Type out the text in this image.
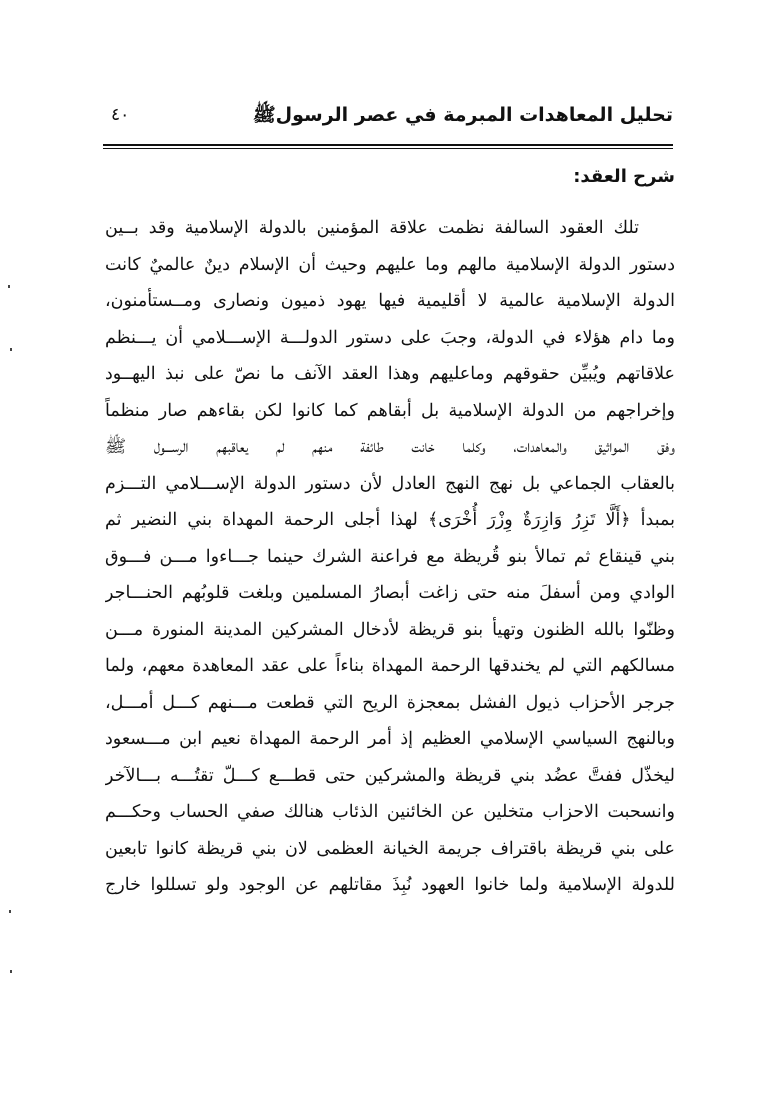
تحليل المعاهدات المبرمة في عصر الرسولﷺ
٤٠
شرح العقد:
تلك العقود السالفة نظمت علاقة المؤمنين بالدولة الإسلامية وقد بــين
دستور الدولة الإسلامية مالهم وما عليهم وحيث أن الإسلام دينٌ عالميٌ كانت
الدولة الإسلامية عالمية لا أقليمية فيها يهود ذميون ونصارى ومــستأمنون،
وما دام هؤلاء في الدولة، وجبَ على دستور الدولـــة الإســـلامي أن يـــنظم
علاقاتهم ويُبيِّن حقوقهم وماعليهم وهذا العقد الآنف ما نصّ على نبذ اليهــود
وإخراجهم من الدولة الإسلامية بل أبقاهم كما كانوا لكن بقاءهم صار منظماً
وفق المواثيق والمعاهدات، وكلما خانت طائفة منهم لم يعاقبهم الرســـول ﷺ
بالعقاب الجماعي بل نهج النهج العادل لأن دستور الدولة الإســـلامي التـــزم
بمبدأ ﴿أَلَّا تَزِرُ وَازِرَةٌ وِزْرَ أُخْرَى﴾ لهذا أجلى الرحمة المهداة بني النضير ثم
بني قينقاع ثم تمالأ بنو قُريظة مع فراعنة الشرك حينما جـــاءوا مـــن فـــوق
الوادي ومن أسفلَ منه حتى زاغت أبصارُ المسلمين وبلغت قلوبُهم الحنـــاجر
وظنّوا بالله الظنون وتهيأ بنو قريظة لأدخال المشركين المدينة المنورة مـــن
مسالكهم التي لم يخندقها الرحمة المهداة بناءاً على عقد المعاهدة معهم، ولما
جرجر الأحزاب ذيول الفشل بمعجزة الريح التي قطعت مـــنهم كـــل أمـــل،
وبالنهج السياسي الإسلامي العظيم إذ أمر الرحمة المهداة نعيم ابن مـــسعود
ليخذّل ففتَّ عضُد بني قريظة والمشركين حتى قطـــع كـــلّ تقتُـــه بـــالآخر
وانسحبت الاحزاب متخلين عن الخائنين الذئاب هنالك صفي الحساب وحكـــم
على بني قريظة باقتراف جريمة الخيانة العظمى لان بني قريظة كانوا تابعين
للدولة الإسلامية ولما خانوا العهود نُبِذَ مقاتلهم عن الوجود ولو تسللوا خارج
